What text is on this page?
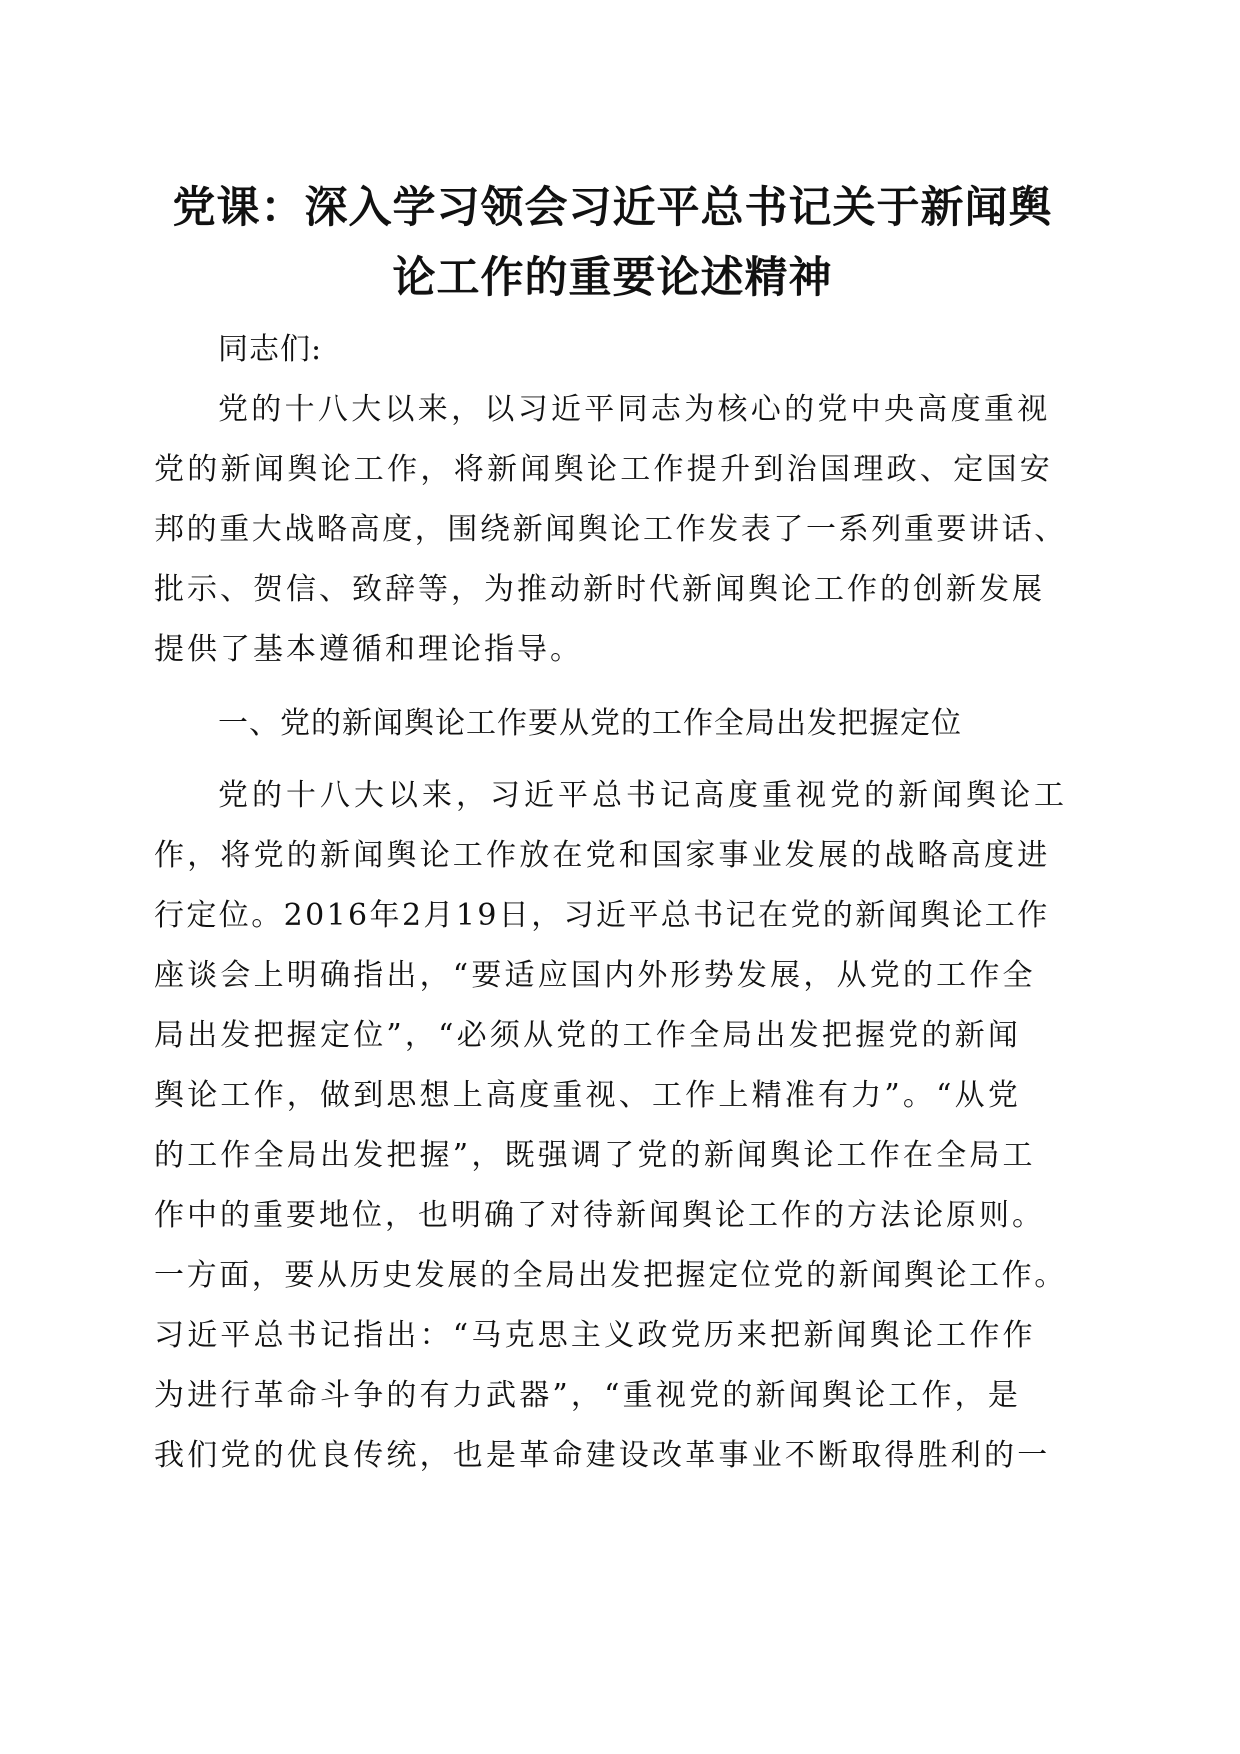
党课：深入学习领会习近平总书记关于新闻舆
论工作的重要论述精神
同志们:
党的十八大以来，以习近平同志为核心的党中央高度重视
党的新闻舆论工作，将新闻舆论工作提升到治国理政、定国安
邦的重大战略高度，围绕新闻舆论工作发表了一系列重要讲话、
批示、贺信、致辞等，为推动新时代新闻舆论工作的创新发展
提供了基本遵循和理论指导。
一、党的新闻舆论工作要从党的工作全局出发把握定位
党的十八大以来，习近平总书记高度重视党的新闻舆论工
作，将党的新闻舆论工作放在党和国家事业发展的战略高度进
行定位。2016年2月19日，习近平总书记在党的新闻舆论工作
座谈会上明确指出，“要适应国内外形势发展，从党的工作全
局出发把握定位”，“必须从党的工作全局出发把握党的新闻
舆论工作，做到思想上高度重视、工作上精准有力”。“从党
的工作全局出发把握”，既强调了党的新闻舆论工作在全局工
作中的重要地位，也明确了对待新闻舆论工作的方法论原则。
一方面，要从历史发展的全局出发把握定位党的新闻舆论工作。
习近平总书记指出：“马克思主义政党历来把新闻舆论工作作
为进行革命斗争的有力武器”，“重视党的新闻舆论工作，是
我们党的优良传统，也是革命建设改革事业不断取得胜利的一
